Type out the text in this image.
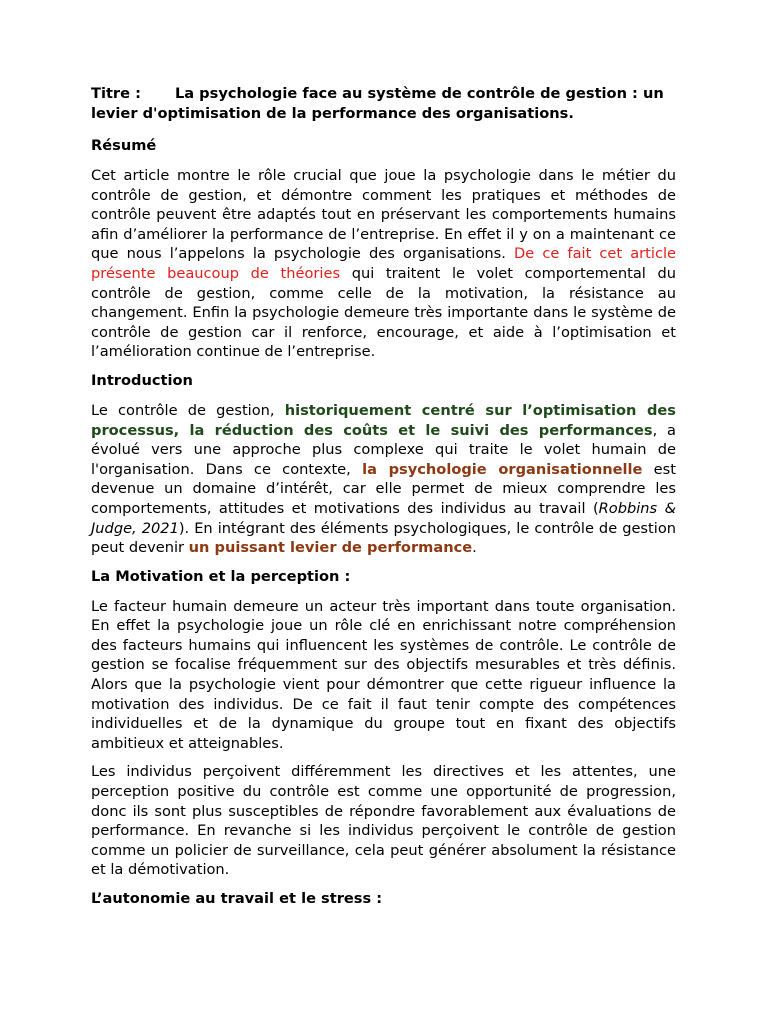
Titre : La psychologie face au système de contrôle de gestion : un levier d'optimisation de la performance des organisations.
Résumé

Cet article montre le rôle crucial que joue la psychologie dans le métier du contrôle de gestion, et démontre comment les pratiques et méthodes de contrôle peuvent être adaptés tout en préservant les comportements humains afin d’améliorer la performance de l’entreprise. En effet il y on a maintenant ce que nous l’appelons la psychologie des organisations. De ce fait cet article présente beaucoup de théories qui traitent le volet comportemental du contrôle de gestion, comme celle de la motivation, la résistance au changement. Enfin la psychologie demeure très importante dans le système de contrôle de gestion car il renforce, encourage, et aide à l’optimisation et l’amélioration continue de l’entreprise.

Introduction

Le contrôle de gestion, historiquement centré sur l’optimisation des processus, la réduction des coûts et le suivi des performances, a évolué vers une approche plus complexe qui traite le volet humain de l'organisation. Dans ce contexte, la psychologie organisationnelle est devenue un domaine d’intérêt, car elle permet de mieux comprendre les comportements, attitudes et motivations des individus au travail (Robbins & Judge, 2021). En intégrant des éléments psychologiques, le contrôle de gestion peut devenir un puissant levier de performance.

La Motivation et la perception :

Le facteur humain demeure un acteur très important dans toute organisation. En effet la psychologie joue un rôle clé en enrichissant notre compréhension des facteurs humains qui influencent les systèmes de contrôle. Le contrôle de gestion se focalise fréquemment sur des objectifs mesurables et très définis. Alors que la psychologie vient pour démontrer que cette rigueur influence la motivation des individus. De ce fait il faut tenir compte des compétences individuelles et de la dynamique du groupe tout en fixant des objectifs ambitieux et atteignables.

Les individus perçoivent différemment les directives et les attentes, une perception positive du contrôle est comme une opportunité de progression, donc ils sont plus susceptibles de répondre favorablement aux évaluations de performance. En revanche si les individus perçoivent le contrôle de gestion comme un policier de surveillance, cela peut générer absolument la résistance et la démotivation.

L’autonomie au travail et le stress :
